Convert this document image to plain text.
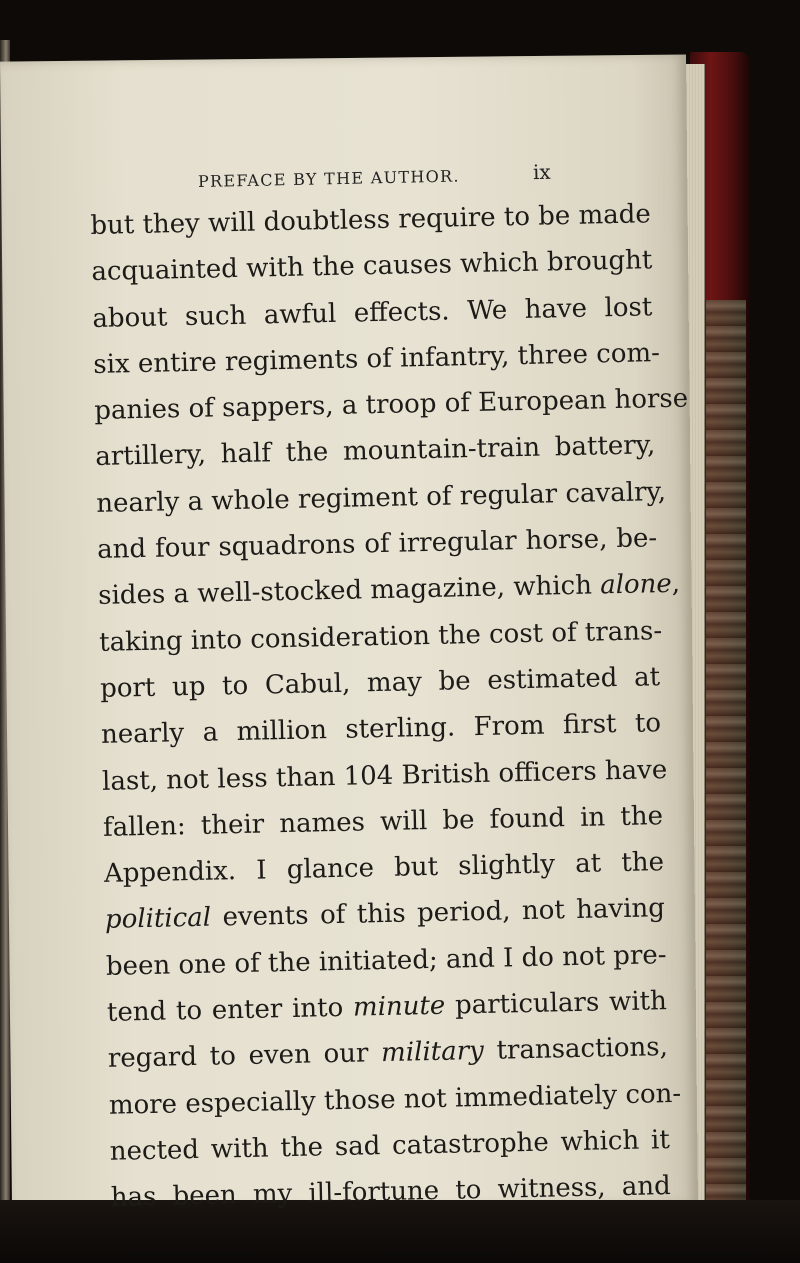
PREFACE BY THE AUTHOR.	ix
but they will doubtless require to be made
acquainted with the causes which brought
about such awful effects. We have lost
six entire regiments of infantry, three com-
panies of sappers, a troop of European horse
artillery, half the mountain-train battery,
nearly a whole regiment of regular cavalry,
and four squadrons of irregular horse, be-
sides a well-stocked magazine, which alone,
taking into consideration the cost of trans-
port up to Cabul, may be estimated at
nearly a million sterling. From first to
last, not less than 104 British officers have
fallen: their names will be found in the
Appendix. I glance but slightly at the
political events of this period, not having
been one of the initiated; and I do not pre-
tend to enter into minute particulars with
regard to even our military transactions,
more especially those not immediately con-
nected with the sad catastrophe which it
has been my ill-fortune to witness, and
